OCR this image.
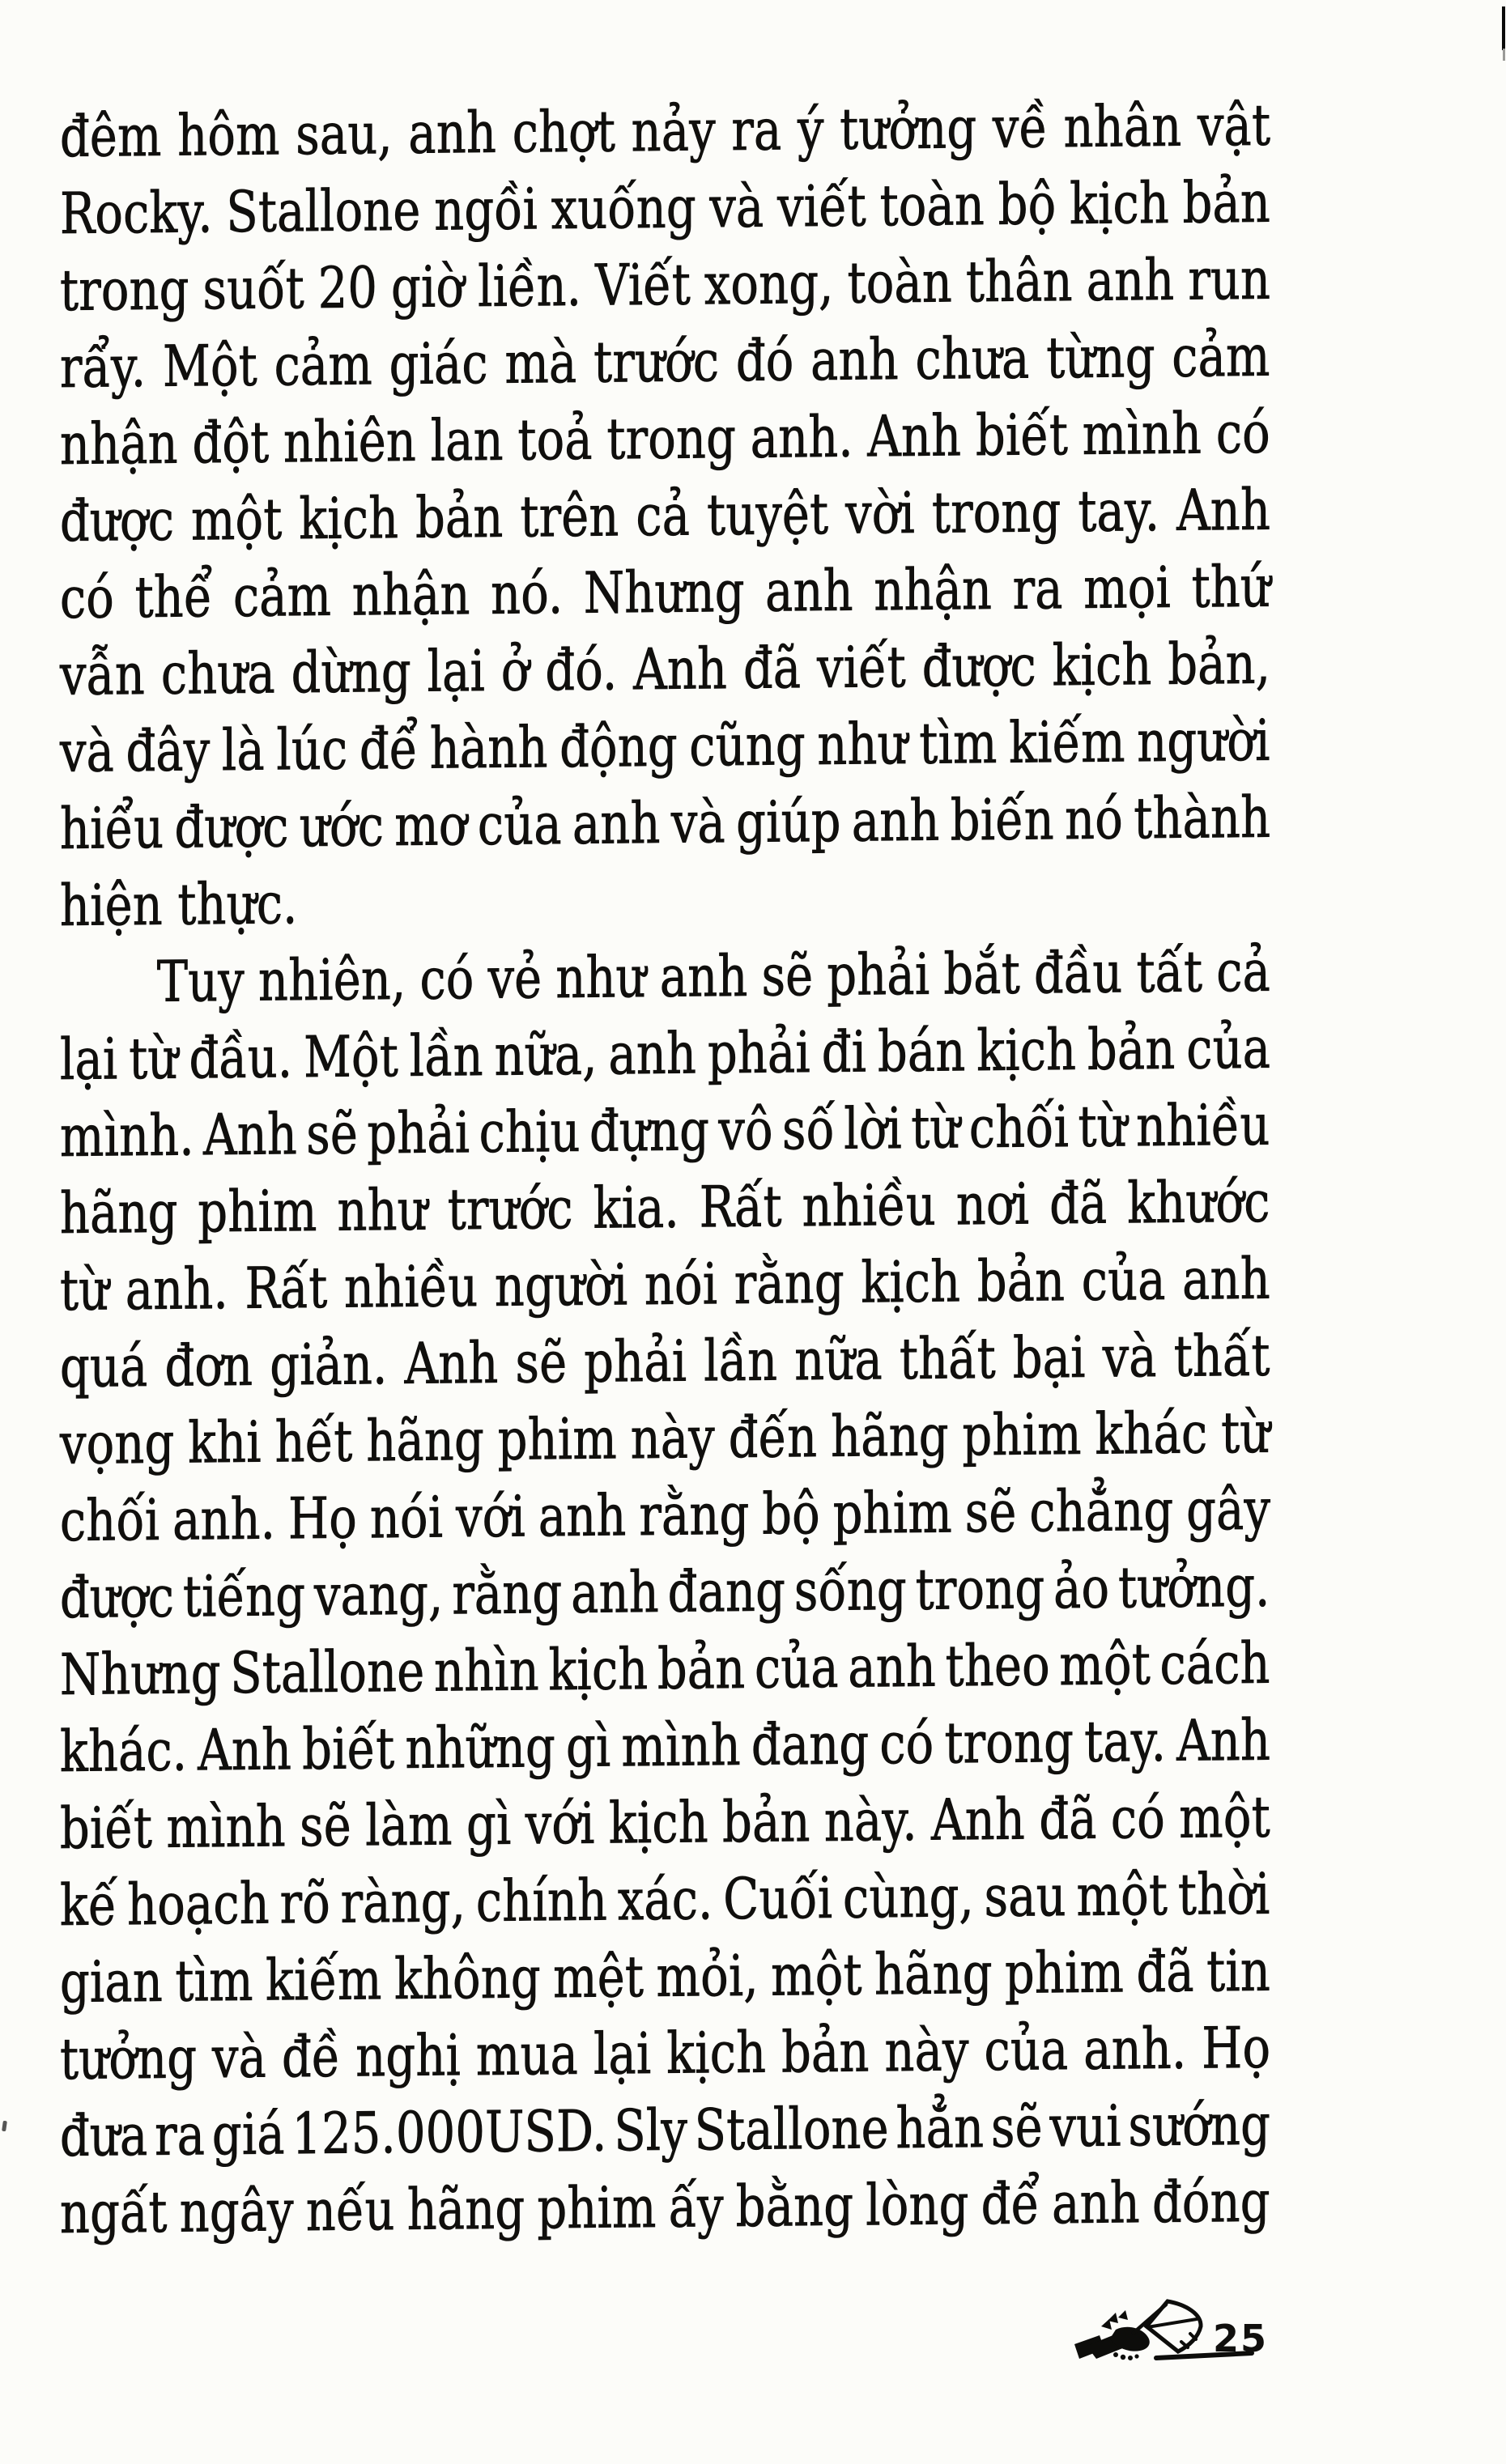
đêm hôm sau, anh chợt nảy ra ý tưởng về nhân vật
Rocky. Stallone ngồi xuống và viết toàn bộ kịch bản
trong suốt 20 giờ liền. Viết xong, toàn thân anh run
rẩy. Một cảm giác mà trước đó anh chưa từng cảm
nhận đột nhiên lan toả trong anh. Anh biết mình có
được một kịch bản trên cả tuyệt vời trong tay. Anh
có thể cảm nhận nó. Nhưng anh nhận ra mọi thứ
vẫn chưa dừng lại ở đó. Anh đã viết được kịch bản,
và đây là lúc để hành động cũng như tìm kiếm người
hiểu được ước mơ của anh và giúp anh biến nó thành
hiện thực.
Tuy nhiên, có vẻ như anh sẽ phải bắt đầu tất cả
lại từ đầu. Một lần nữa, anh phải đi bán kịch bản của
mình. Anh sẽ phải chịu đựng vô số lời từ chối từ nhiều
hãng phim như trước kia. Rất nhiều nơi đã khước
từ anh. Rất nhiều người nói rằng kịch bản của anh
quá đơn giản. Anh sẽ phải lần nữa thất bại và thất
vọng khi hết hãng phim này đến hãng phim khác từ
chối anh. Họ nói với anh rằng bộ phim sẽ chẳng gây
được tiếng vang, rằng anh đang sống trong ảo tưởng.
Nhưng Stallone nhìn kịch bản của anh theo một cách
khác. Anh biết những gì mình đang có trong tay. Anh
biết mình sẽ làm gì với kịch bản này. Anh đã có một
kế hoạch rõ ràng, chính xác. Cuối cùng, sau một thời
gian tìm kiếm không mệt mỏi, một hãng phim đã tin
tưởng và đề nghị mua lại kịch bản này của anh. Họ
đưa ra giá 125.000USD. Sly Stallone hẳn sẽ vui sướng
ngất ngây nếu hãng phim ấy bằng lòng để anh đóng
25
